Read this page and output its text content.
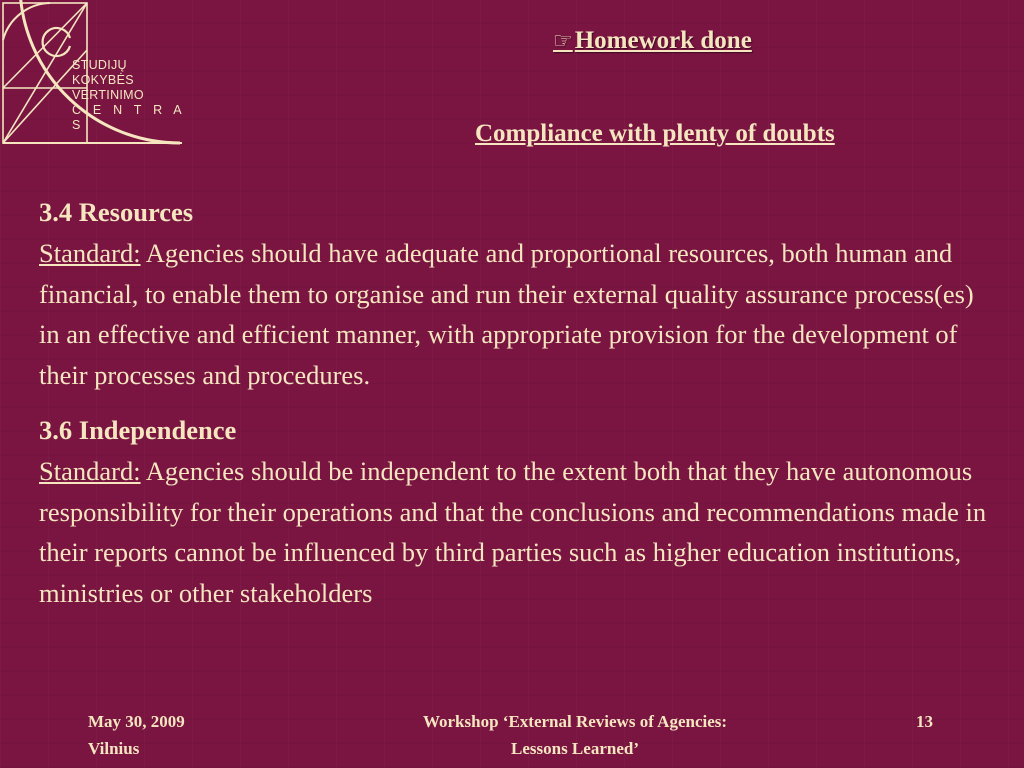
STUDIJŲ
KOKYBĖS
VERTINIMO
C E N T R A S
☞Homework done
Compliance with plenty of doubts
3.4 Resources

Standard: Agencies should have adequate and proportional resources, both human and financial, to enable them to organise and run their external quality assurance process(es) in an effective and efficient manner, with appropriate provision for the development of their processes and procedures.

3.6 Independence

Standard: Agencies should be independent to the extent both that they have autonomous responsibility for their operations and that the conclusions and recommendations made in their reports cannot be influenced by third parties such as higher education institutions, ministries or other stakeholders

May 30, 2009
Vilnius
Workshop ‘External Reviews of Agencies:
Lessons Learned’
13
